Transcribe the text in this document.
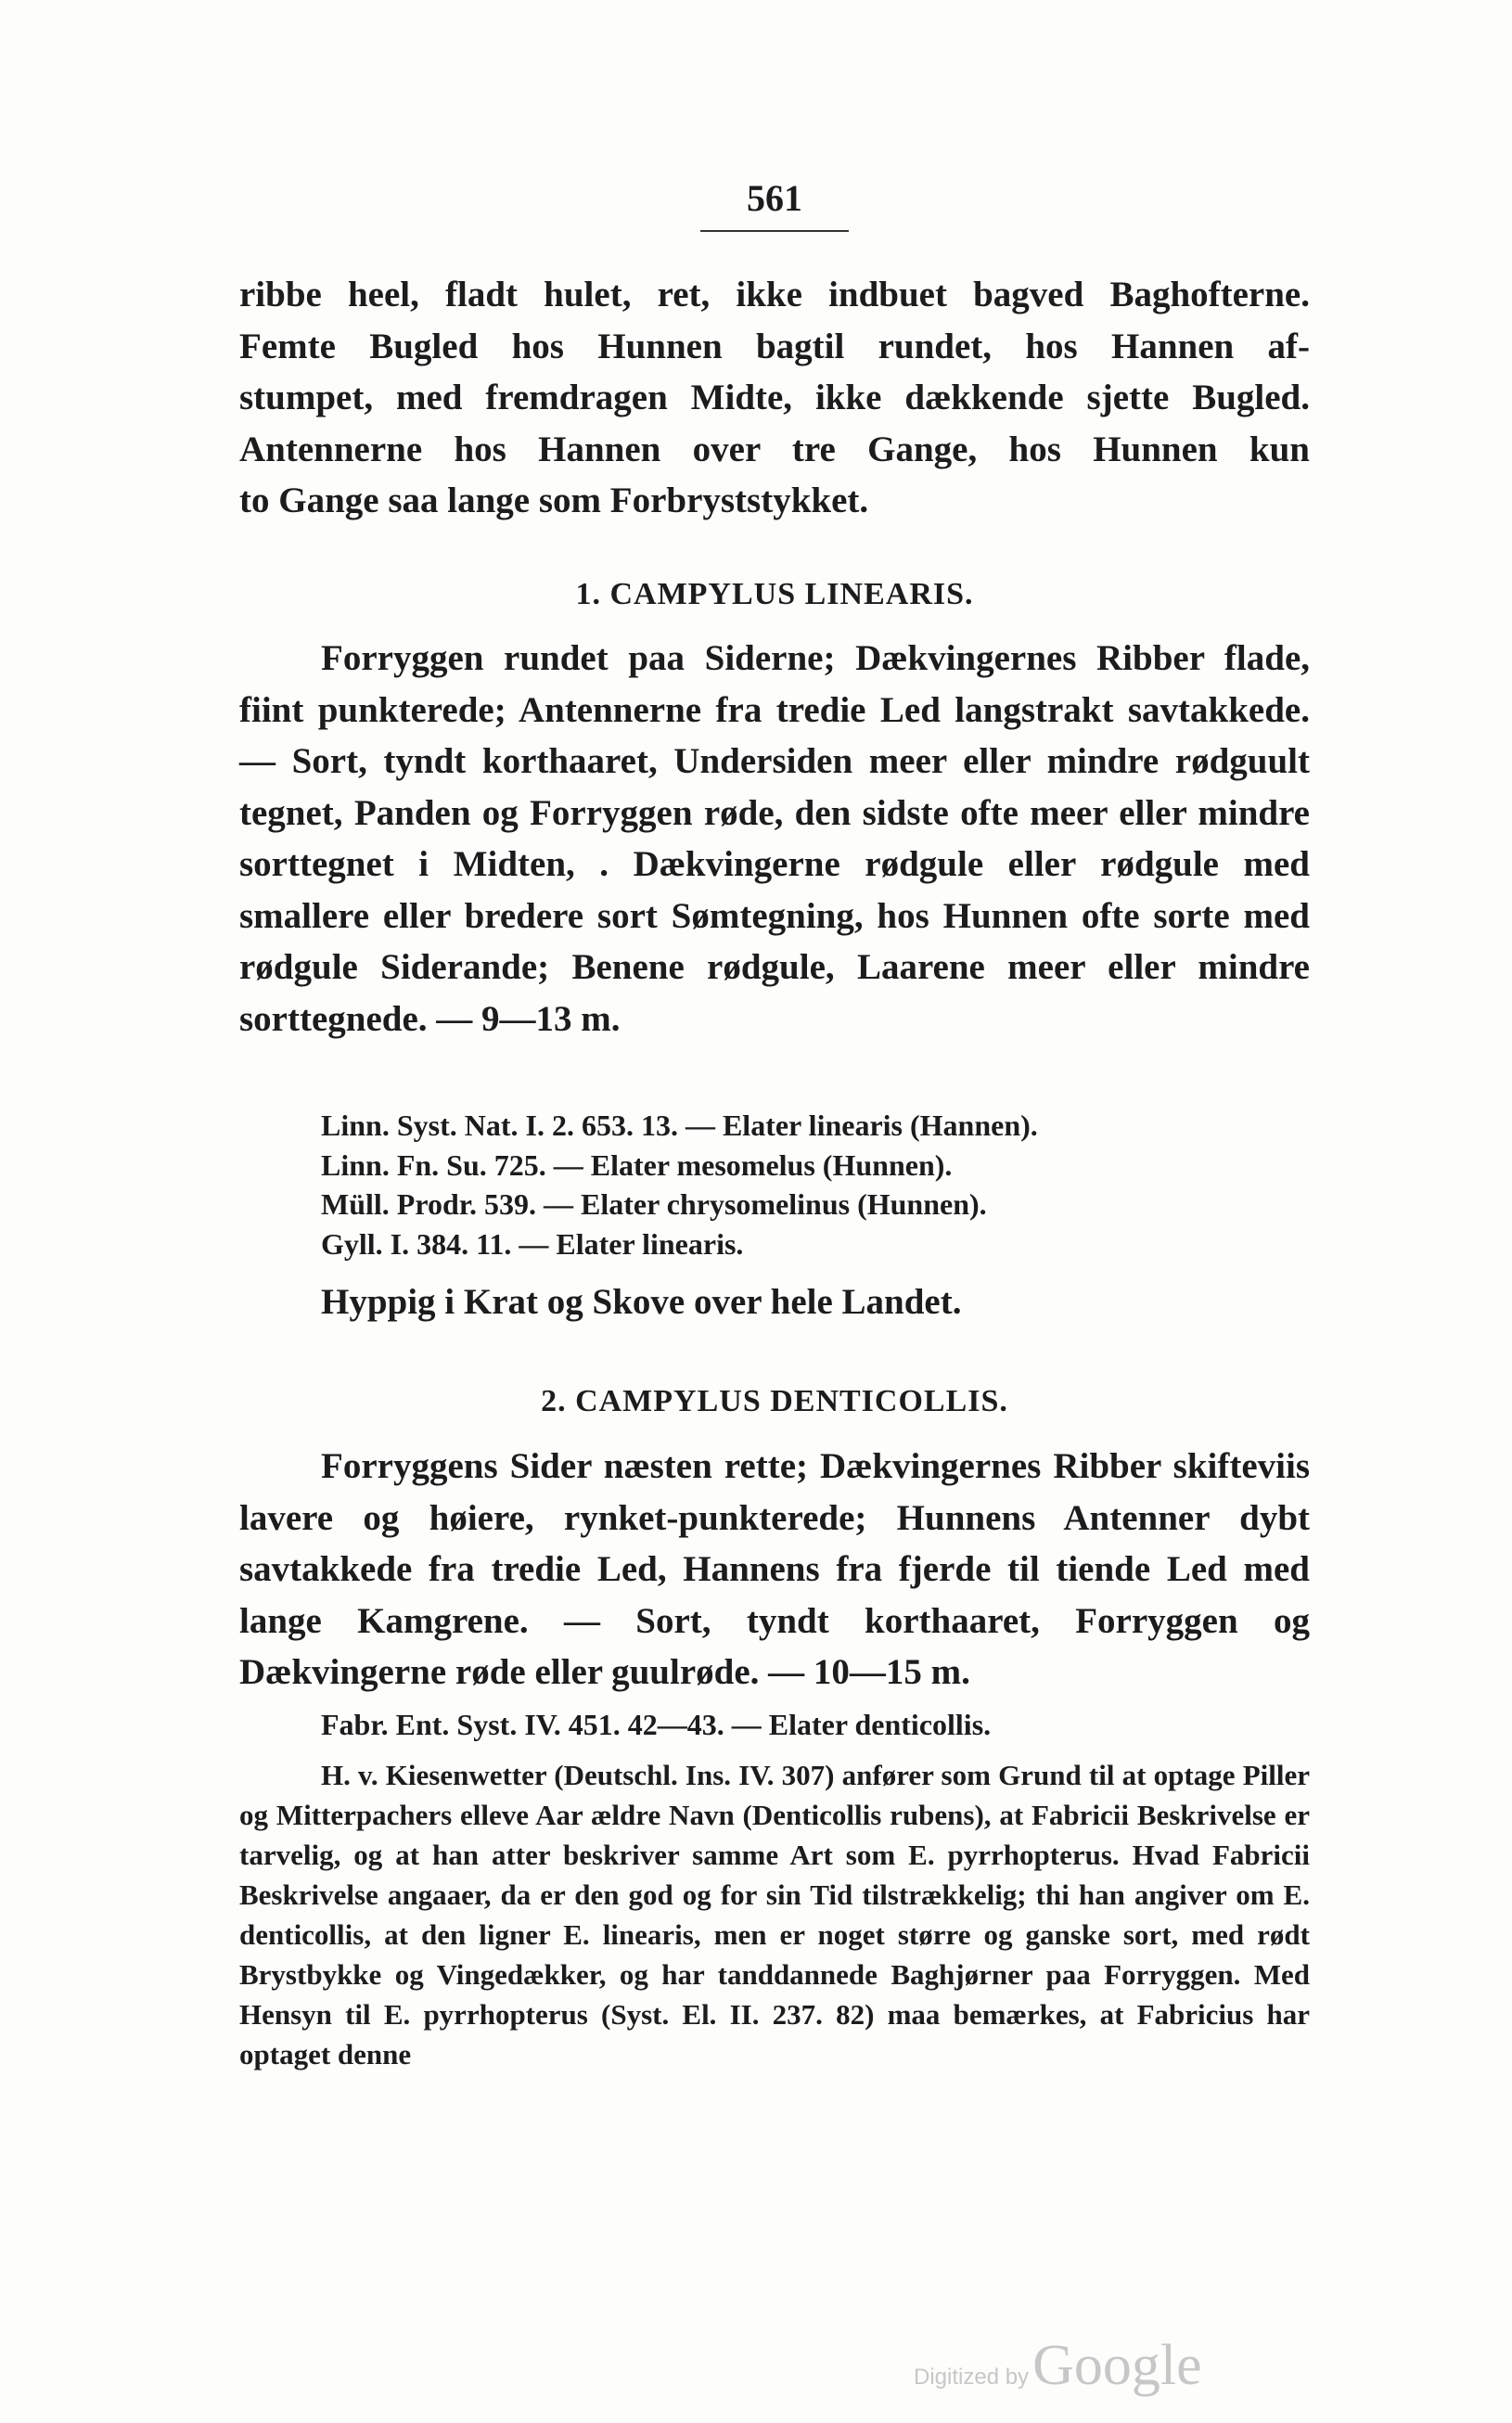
561
ribbe heel, fladt hulet, ret, ikke indbuet bagved Baghofterne.
Femte Bugled hos Hunnen bagtil rundet, hos Hannen af-
stumpet, med fremdragen Midte, ikke dækkende sjette Bugled.
Antennerne hos Hannen over tre Gange, hos Hunnen kun
to Gange saa lange som Forbryststykket.
1. CAMPYLUS LINEARIS.

Forryggen rundet paa Siderne; Dækvingernes Ribber flade, fiint punkterede; Antennerne fra tredie Led langstrakt savtakkede. — Sort, tyndt korthaaret, Undersiden meer eller mindre rødguult tegnet, Panden og Forryggen røde, den sidste ofte meer eller mindre sorttegnet i Midten, . Dækvingerne rødgule eller rødgule med smallere eller bredere sort Sømtegning, hos Hunnen ofte sorte med rødgule Siderande; Benene rødgule, Laarene meer eller mindre sorttegnede. — 9—13 m.

Linn. Syst. Nat. I. 2. 653. 13. — Elater linearis (Hannen).
Linn. Fn. Su. 725. — Elater mesomelus (Hunnen).
Müll. Prodr. 539. — Elater chrysomelinus (Hunnen).
Gyll. I. 384. 11. — Elater linearis.
Hyppig i Krat og Skove over hele Landet.
2. CAMPYLUS DENTICOLLIS.

Forryggens Sider næsten rette; Dækvingernes Ribber skifteviis lavere og høiere, rynket-punkterede; Hunnens Antenner dybt savtakkede fra tredie Led, Hannens fra fjerde til tiende Led med lange Kamgrene. — Sort, tyndt korthaaret, Forryggen og Dækvingerne røde eller guulrøde. — 10—15 m.

Fabr. Ent. Syst. IV. 451. 42—43. — Elater denticollis.

H. v. Kiesenwetter (Deutschl. Ins. IV. 307) anfører som Grund til at optage Piller og Mitterpachers elleve Aar ældre Navn (Denticollis rubens), at Fabricii Beskrivelse er tarvelig, og at han atter beskriver samme Art som E. pyrrhopterus. Hvad Fabricii Beskrivelse angaaer, da er den god og for sin Tid tilstrækkelig; thi han angiver om E. denticollis, at den ligner E. linearis, men er noget større og ganske sort, med rødt Brystbykke og Vingedækker, og har tanddannede Baghjørner paa Forryggen. Med Hensyn til E. pyrrhopterus (Syst. El. II. 237. 82) maa bemærkes, at Fabricius har optaget denne

Digitized by Google
